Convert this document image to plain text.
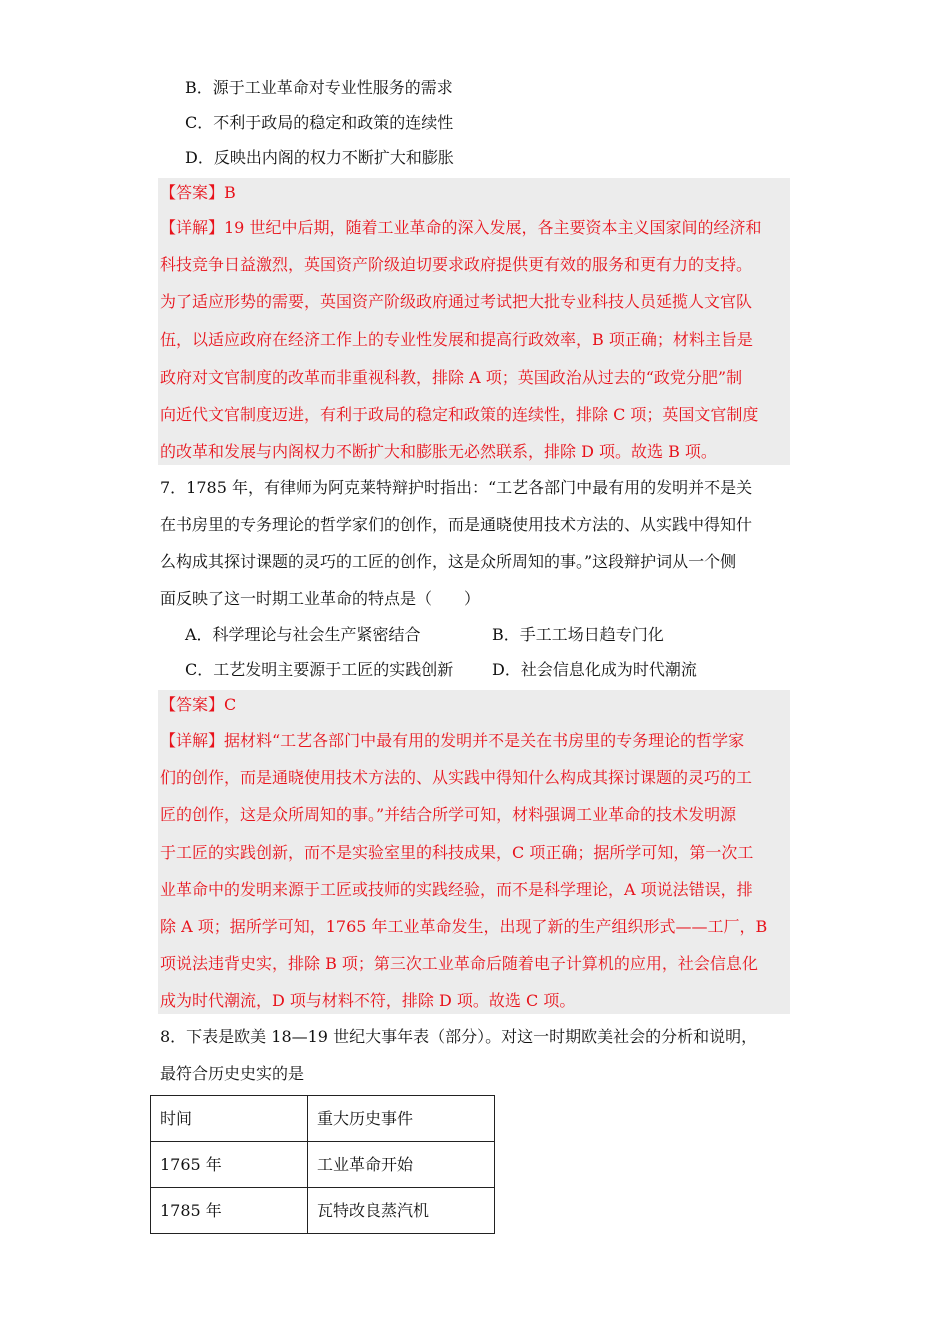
B．源于工业革命对专业性服务的需求
C．不利于政局的稳定和政策的连续性
D．反映出内阁的权力不断扩大和膨胀
【答案】B
【详解】19 世纪中后期，随着工业革命的深入发展，各主要资本主义国家间的经济和
科技竞争日益激烈，英国资产阶级迫切要求政府提供更有效的服务和更有力的支持。
为了适应形势的需要，英国资产阶级政府通过考试把大批专业科技人员延揽人文官队
伍，以适应政府在经济工作上的专业性发展和提高行政效率，B 项正确；材料主旨是
政府对文官制度的改革而非重视科教，排除 A 项；英国政治从过去的“政党分肥”制
向近代文官制度迈进，有利于政局的稳定和政策的连续性，排除 C 项；英国文官制度
的改革和发展与内阁权力不断扩大和膨胀无必然联系，排除 D 项。故选 B 项。
7．1785 年，有律师为阿克莱特辩护时指出：“工艺各部门中最有用的发明并不是关
在书房里的专务理论的哲学家们的创作，而是通晓使用技术方法的、从实践中得知什
么构成其探讨课题的灵巧的工匠的创作，这是众所周知的事。”这段辩护词从一个侧
面反映了这一时期工业革命的特点是（　　）
A．科学理论与社会生产紧密结合	B．手工工场日趋专门化
C．工艺发明主要源于工匠的实践创新 D．社会信息化成为时代潮流
【答案】C
【详解】据材料“工艺各部门中最有用的发明并不是关在书房里的专务理论的哲学家
们的创作，而是通晓使用技术方法的、从实践中得知什么构成其探讨课题的灵巧的工
匠的创作，这是众所周知的事。”并结合所学可知，材料强调工业革命的技术发明源
于工匠的实践创新，而不是实验室里的科技成果，C 项正确；据所学可知，第一次工
业革命中的发明来源于工匠或技师的实践经验，而不是科学理论，A 项说法错误，排
除 A 项；据所学可知，1765 年工业革命发生，出现了新的生产组织形式——工厂，B
项说法违背史实，排除 B 项；第三次工业革命后随着电子计算机的应用，社会信息化
成为时代潮流，D 项与材料不符，排除 D 项。故选 C 项。
8．下表是欧美 18—19 世纪大事年表（部分）。对这一时期欧美社会的分析和说明，
最符合历史史实的是
时间	重大历史事件
1765 年	工业革命开始
1785 年	瓦特改良蒸汽机
